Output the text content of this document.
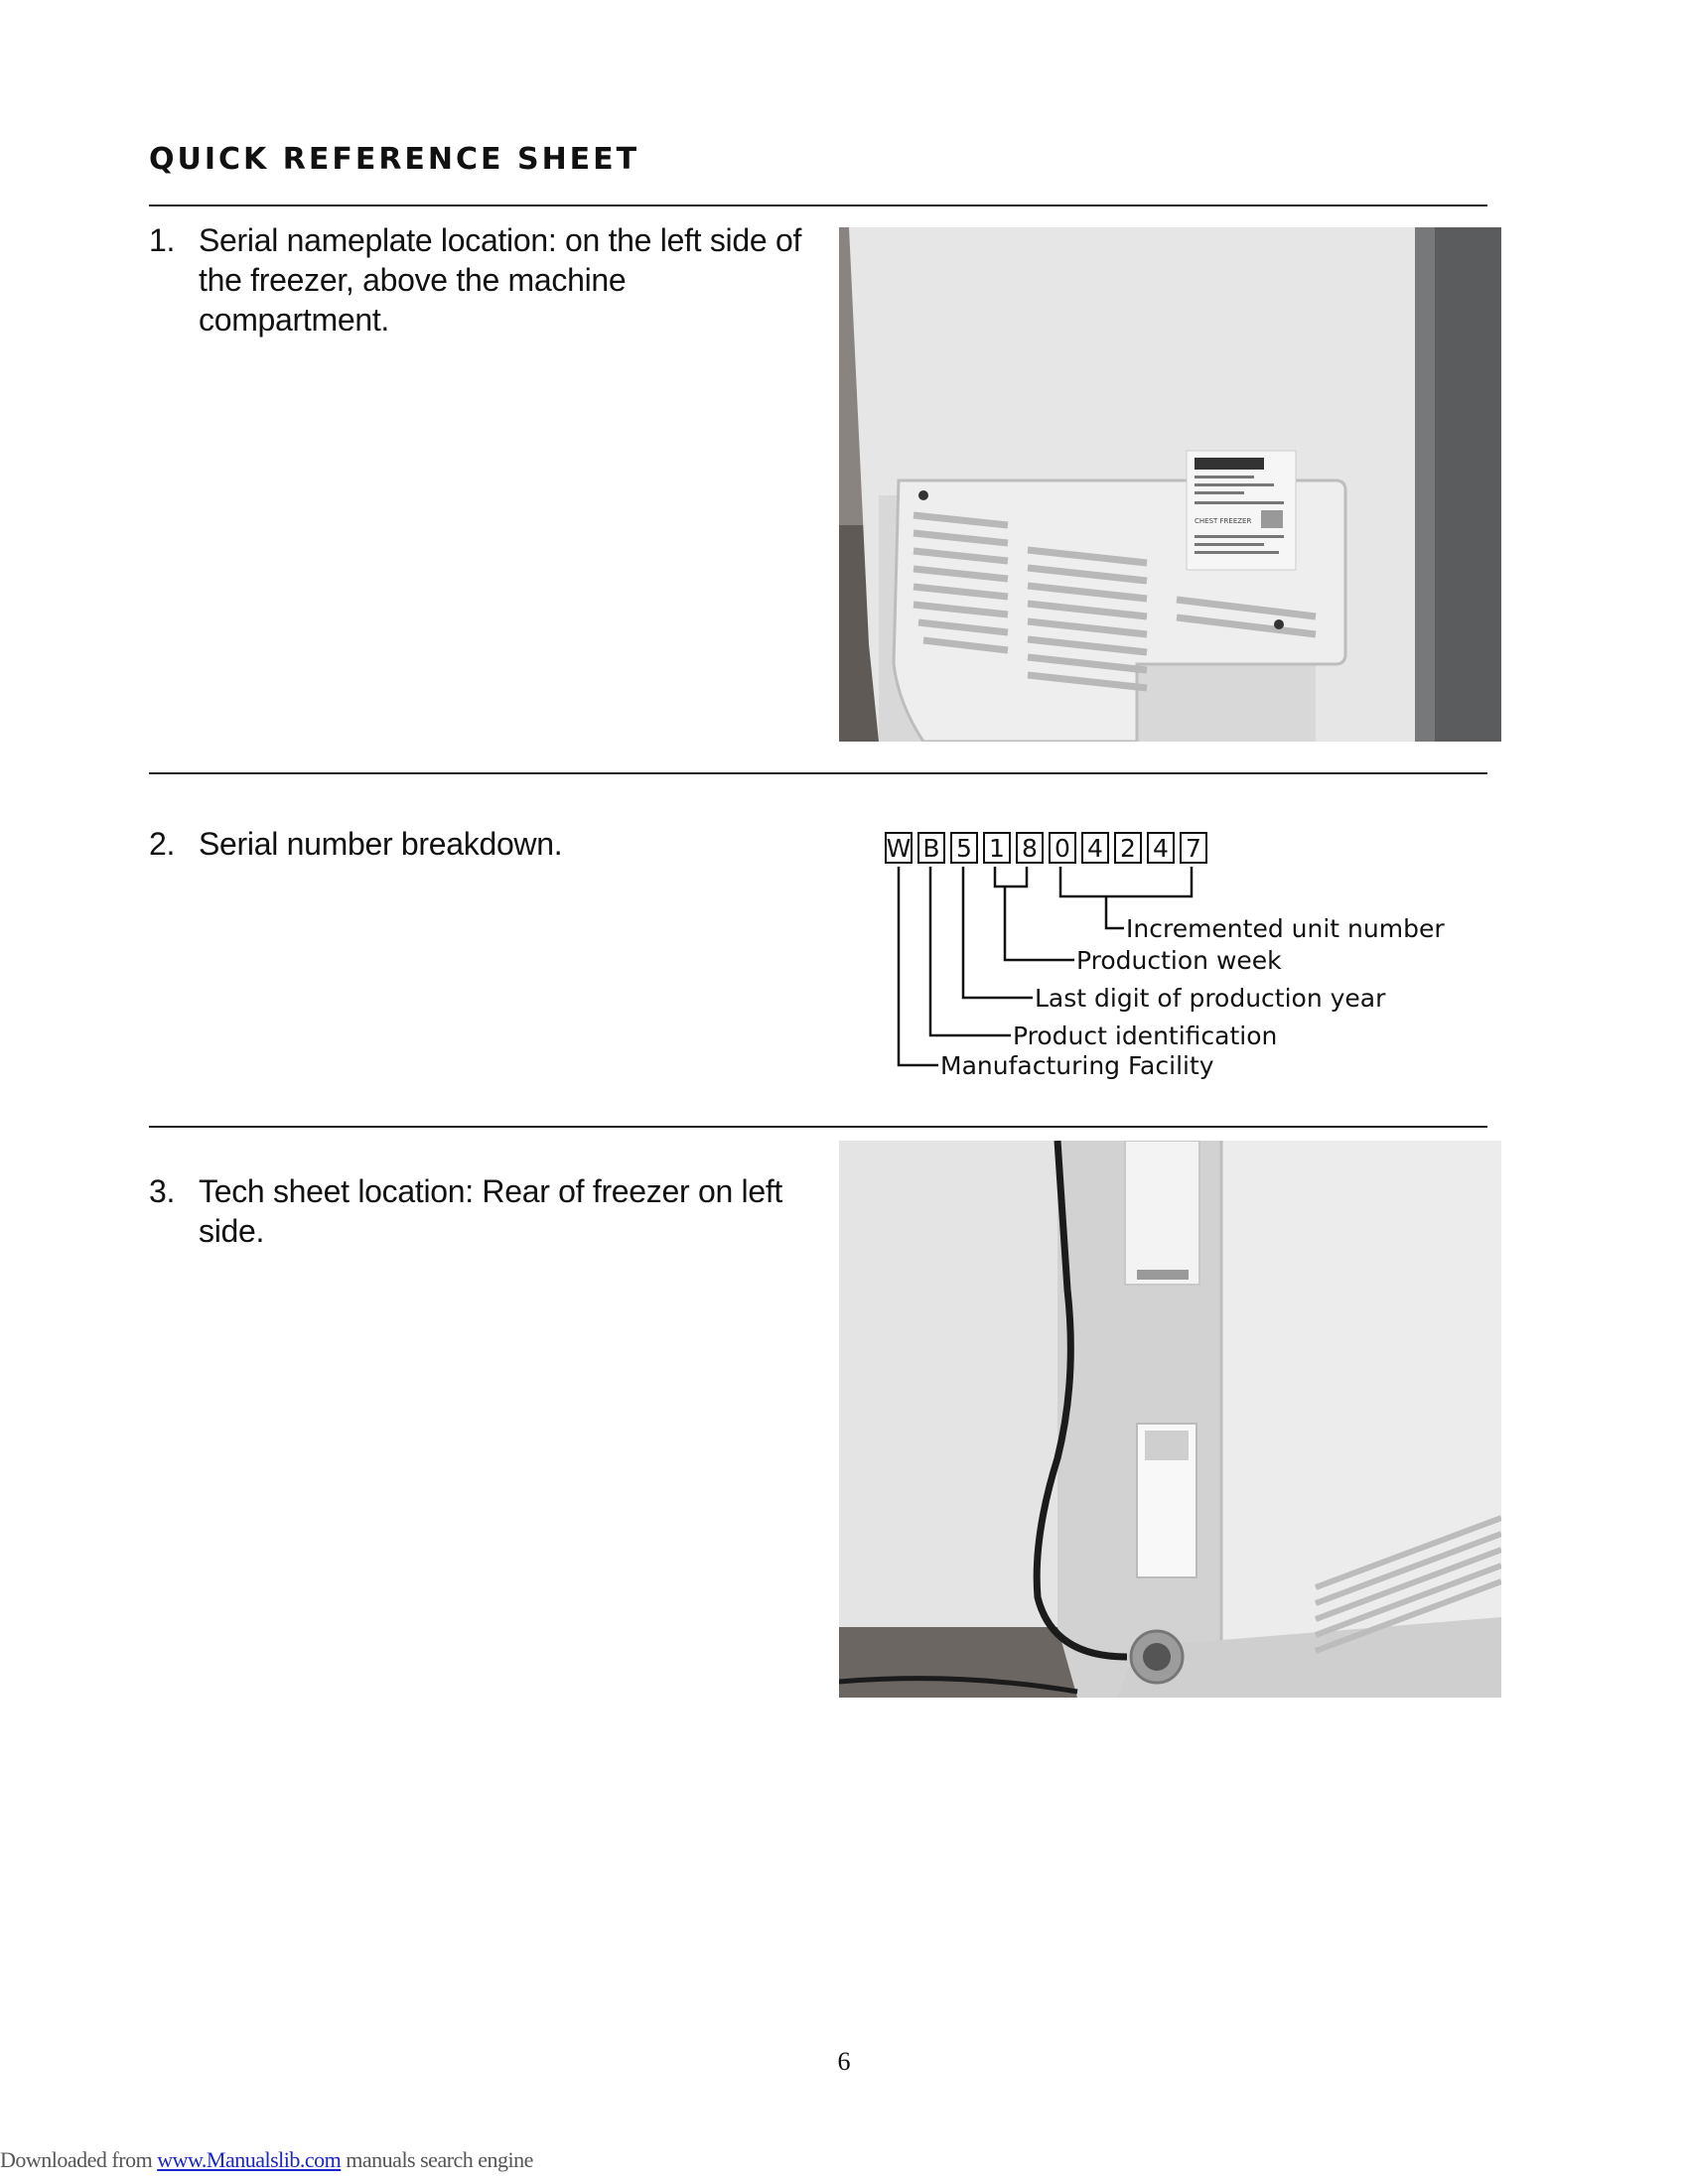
QUICK REFERENCE SHEET
1. Serial nameplate location: on the left side of the freezer, above the machine compartment.
CHEST FREEZER
2. Serial number breakdown.	W B 5 1 8 0 4 2 4 7
Incremented unit number
Production week
Last digit of production year
Product identification
Manufacturing Facility
3. Tech sheet location: Rear of freezer on left side.
6
Downloaded from www.Manualslib.com manuals search engine
